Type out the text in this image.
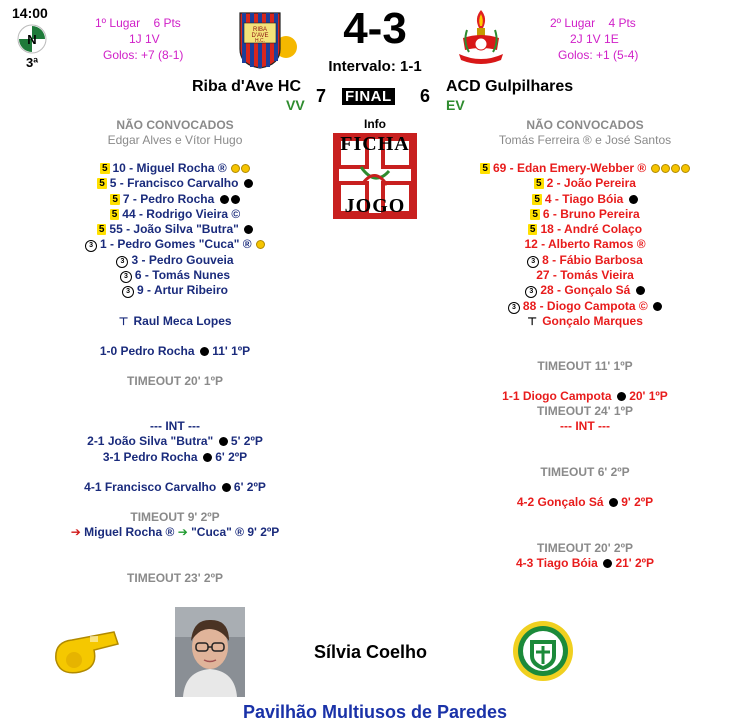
14:00
N
3ª
1º Lugar 6 Pts
1J 1V
Golos: +7 (8-1)
RIBA
D'AVE
H.C.	4-3
Intervalo: 1-1
2º Lugar 4 Pts
2J 1V 1E
Golos: +1 (5-4)
Riba d'Ave HC
VV 7 FINAL 6 ACD Gulpilhares
EV
Info
FICHA
JOGO
NÃO CONVOCADOS
Edgar Alves e Vítor Hugo
NÃO CONVOCADOS
Tomás Ferreira ® e José Santos
5 10 - Miguel Rocha ®
5 5 - Francisco Carvalho
5 7 - Pedro Rocha
5 44 - Rodrigo Vieira ©
5 55 - João Silva "Butra"
3 1 - Pedro Gomes "Cuca" ®
3 3 - Pedro Gouveia
3 6 - Tomás Nunes
3 9 - Artur Ribeiro
⊤ Raul Meca Lopes
5 69 - Edan Emery-Webber ®
5 2 - João Pereira
5 4 - Tiago Bóia
5 6 - Bruno Pereira
5 18 - André Colaço
12 - Alberto Ramos ®
3 8 - Fábio Barbosa
27 - Tomás Vieira
3 28 - Gonçalo Sá
3 88 - Diogo Campota ©
⊤ Gonçalo Marques
1-0 Pedro Rocha 11' 1ºP
TIMEOUT 20' 1ºP
--- INT ---
2-1 João Silva "Butra" 5' 2ºP
3-1 Pedro Rocha 6' 2ºP
4-1 Francisco Carvalho 6' 2ºP
TIMEOUT 9' 2ºP
➔ Miguel Rocha ® ➔ "Cuca" ® 9' 2ºP
TIMEOUT 23' 2ºP
TIMEOUT 11' 1ºP
1-1 Diogo Campota 20' 1ºP
TIMEOUT 24' 1ºP
--- INT ---
TIMEOUT 6' 2ºP
4-2 Gonçalo Sá 9' 2ºP
TIMEOUT 20' 2ºP
4-3 Tiago Bóia 21' 2ºP
Sílvia Coelho
Pavilhão Multiusos de Paredes
